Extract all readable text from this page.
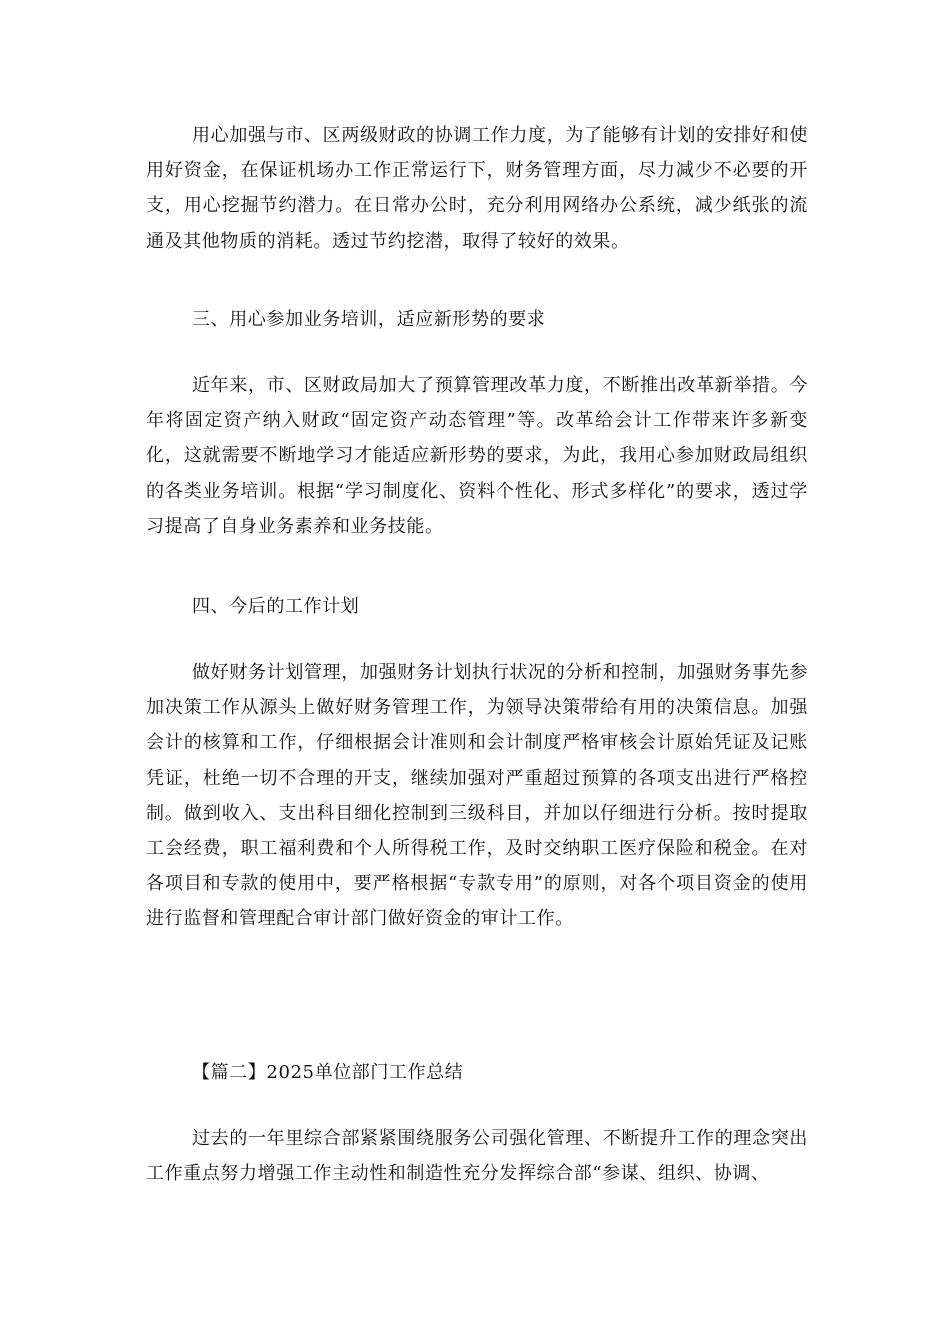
用心加强与市、区两级财政的协调工作力度，为了能够有计划的安排好和使用好资金，在保证机场办工作正常运行下，财务管理方面，尽力减少不必要的开支，用心挖掘节约潜力。在日常办公时，充分利用网络办公系统，减少纸张的流通及其他物质的消耗。透过节约挖潜，取得了较好的效果。

三、用心参加业务培训，适应新形势的要求

近年来，市、区财政局加大了预算管理改革力度，不断推出改革新举措。今年将固定资产纳入财政“固定资产动态管理”等。改革给会计工作带来许多新变化，这就需要不断地学习才能适应新形势的要求，为此，我用心参加财政局组织的各类业务培训。根据“学习制度化、资料个性化、形式多样化”的要求，透过学习提高了自身业务素养和业务技能。

四、今后的工作计划

做好财务计划管理，加强财务计划执行状况的分析和控制，加强财务事先参加决策工作从源头上做好财务管理工作，为领导决策带给有用的决策信息。加强会计的核算和工作，仔细根据会计准则和会计制度严格审核会计原始凭证及记账凭证，杜绝一切不合理的开支，继续加强对严重超过预算的各项支出进行严格控制。做到收入、支出科目细化控制到三级科目，并加以仔细进行分析。按时提取工会经费，职工福利费和个人所得税工作，及时交纳职工医疗保险和税金。在对各项目和专款的使用中，要严格根据“专款专用”的原则，对各个项目资金的使用进行监督和管理配合审计部门做好资金的审计工作。

【篇二】2025单位部门工作总结

过去的一年里综合部紧紧围绕服务公司强化管理、不断提升工作的理念突出工作重点努力增强工作主动性和制造性充分发挥综合部“参谋、组织、协调、
